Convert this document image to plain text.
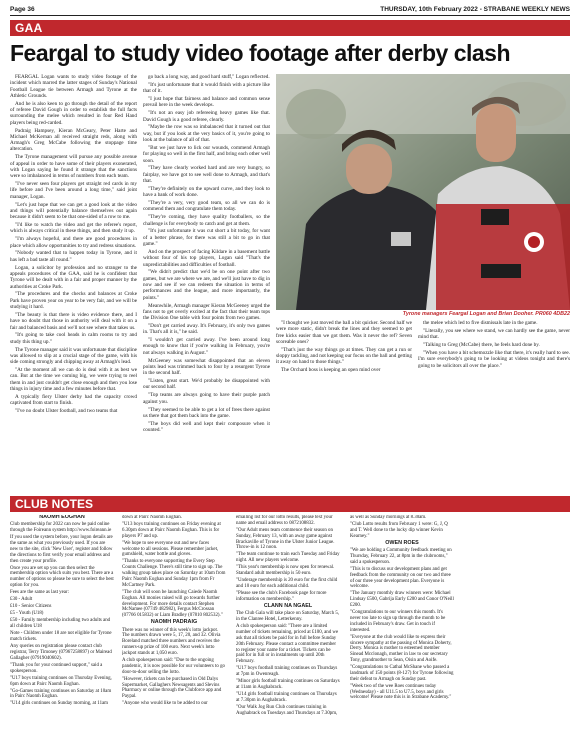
Page 36	THURSDAY, 10th February 2022 - STRABANE WEEKLY NEWS
GAA
Feargal to study video footage after derby clash

FEARGAL Logan wants to study video footage of the incident which marred the latter stages of Sunday's National Football League tie between Armagh and Tyrone at the Athletic Grounds.

And he is also keen to go through the detail of the report of referee David Gough in order to establish the full facts surrounding the melee which resulted in four Red Hand players being red-carded.

Padraig Hampsey, Kieran McGeary, Peter Harte and Michael McKernan all received straight reds, along with Armagh's Greg McCabe following the stoppage time altercation.

The Tyrone management will pursue any possible avenue of appeal in order to have some of their players exonerated, with Logan saying he found it strange that the sanctions were so imbalanced in terms of numbers from each team.

"I've never seen four players get straight red cards in my life before and I've been around a long time," said joint manager, Logan.

"Let's just hope that we can get a good look at the video and things will potentially balance themselves out again because it didn't seem to be that one-sided of a row to me.

"I'd like to watch the video and get the referee's report, which is always critical in these things, and then study it up.

"I'm always hopeful, and there are good procedures in place which allow opportunities to try and redress situations.

"Nobody wanted that to happen today in Tyrone, and it has left a bad taste all round."

Logan, a solicitor by profession and no stranger to the appeals procedures of the GAA, said he is confident that Tyrone will be dealt with in a fair and proper manner by the authorities at Croke Park.

"The procedures and the checks and balances at Croke Park have proven year on year to be very fair, and we will be studying it hard.

"The beauty is that there is video evidence there, and I have no doubt that those in authority will deal with it on a fair and balanced basis and we'll not see where that takes us.

"It's going to take cool heads in calm rooms to try and study this thing up."

The Tyrone manager said it was unfortunate that discipline was allowed to slip at a crucial stage of the game, with his side coming strongly and chipping away at Armagh's lead.

"At the moment all we can do is deal with it as best we can. But at the time we coming big, we were trying to reel them in and just couldn't get close enough and then you lose things in injury time and a few minutes before that.

A typically fiery Ulster derby had the capacity crowd captivated from start to finish.

"I've no doubt Ulster football, and two teams that

go back a long way, and good hard stuff," Logan reflected.

"It's just unfortunate that it would finish with a picture like that of it.

"I just hope that fairness and balance and common sense prevail here in the week develops.

"It's not an easy job refereeing heavy games like that. David Gough is a good referee, clearly.

"Maybe the row was so imbalanced that it turned out that way, but if you look at the very basics of it, you're going to look at the balance of all of that.

"But we just have to lick our wounds, commend Armagh for playing so well in the first half, and bring each other well soon.

"They have clearly worked hard and are very hungry, so fairplay, we have got to see well done to Armagh, and that's that.

"They're definitely on the upward curve, and they look to have a bank of work done.

"They're a very, very good team, so all we can do is commend them and congratulate them today.

"They're coming, they have quality footballers, so the challenge is for everybody to catch and get at them.

"It's just unfortunate it was cut short a bit today, for want of a better phrase, for there was still a bit to go in that game."

And on the prospect of facing Kildare in a basement battle without four of his top players, Logan said "That's the unpredictabilities and difficulties of football.

"We didn't predict that we'd be on one point after two games, but we are where we are, and we'll just have to dig in now and see if we can redeem the situation in terms of performances and the league, and more importantly, the points."

Meanwhile, Armagh manager Kieran McGeeney urged the fans not to get overly excited at the fact that their team tops the Division One table with four points from two games.

"Don't get carried away. It's February, it's only two games in. That's all it is," he said.

"I wouldn't get carried away. I've been around long enough to know that if you're walking in February, you're not always walking in August."

McGeeney was somewhat disappointed that an eleven points lead was trimmed back to four by a resurgent Tyrone in the second half.

"Listen, great start. We'd probably be disappointed with our second half.

"Top teams are always going to have their purple patch against you.

"They seemed to be able to get a lot of frees there against us there that got them back into the game.

"The boys did well and kept their composure when it counted."

Tyrone managers Feargal Logan and Brian Dooher. PR060 4DB22

"I thought we just moved the ball a bit quicker. Second half we were more static, didn't break the lines and they seemed to get free kicks easier than we got them. Was it never the ref? Seven scoreable ones?

"That's just the way things go at times. They can get a run or sloppy tackling, and not keeping our focus on the ball and getting it away on hand to those things."

The Orchard boss is keeping an open mind over

the melee which led to five dismissals late in the game.

"Literally, you see where we stand, we can hardly see the game, never mind that.

"Talking to Greg (McCabe) there, he feels hard done by.

"When you have a bit schemozzle like that there, it's really hard to see. I'm sure everybody's going to be looking at videos tonight and there's going to be solicitors all over the place."

CLUB NOTES
NAOMH EOGHAN

Club membership for 2022 can now be paid online through the Foireann system http://www.foireann.ie

If you used the system before, your logon details are the same as what you previously used. If you are new to the site, click 'New User', register and follow the directions to first verify your email address and then create your profile.

Once you are set up you can then select the membership option which suits you best. There are a number of options so please be sure to select the best option for you.

Fees are the same as last year:

£30 - Adult

£10 - Senior Citizens

£5 - Youth (U18)

£50 - Family membership including two adults and all children U18

Note - Children under 18 are not eligible for Tyrone match tickets.

Any queries on registration please contact club registrar, Terry Timoney (07967258897) or Mairead Gallagher (07919040602).

"Thank you for your continued support," said a spokesperson.

"U17 boys training continues on Thursday Evening, 6pm down at Pairc Naomh Eoghan.

"Go-Games training continues on Saturday at 10am in Pairc Naomh Eoghan.

"U14 girls continues on Sunday morning, at 11am

down at Pairc Naomh Eoghan.

"U13 boys training continues on Friday evening at 6.30pm down at Pairc Naomh Eoghan. This is for players P7 and up.

"We hope to see everyone out and new faces welcome to all sessions. Please remember jacket, gumshield, water bottle and gloves.

"Thanks to everyone supporting the Every Step Counts Challenge. There's still time to sign up. The walking group takes place on Saturday at 10am from Pairc Naomh Eoghan and Sunday 1pm from Fr McCartney Park.

"The club will soon be launching Caiede Naomh Eoghan. All monies raised will go towards further development. For more details contact Stephen McNamee (07749 482982), Fergus McCrossan (07766 015832) or Liam Bradley (07810 802532)."

NAOMH PADRAIG

There was no winner of this week's lotto jackpot. The numbers drawn were 5, 17, 20, and 32. Olivia Boreland matched three numbers and receives the runners-up prize of 100 euro. Next week's lotto jackpot stands at 1,050 euro.

A club spokesperson said: "Due to the ongoing pandemic, it is now possible for our volunteers to go door-to-door selling the lotto.

"However, tickets can be purchased in Old Dalys Supermarket, Gallaghers Newsagents and Slevins Pharmacy or online through the Clubforce app and Paypal.

"Anyone who would like to be added to our

emailing list for our lotto results, please text your name and email address to 0872108832.

"Our Adult mens team commence their season on Sunday, February 13, with an away game against Brackaville of Tyrone in the Ulster Junior League. Throw-in is 12 noon.

"The team continue to train each Tuesday and Friday night. All new players welcome.

"This year's membership is now open for renewal. Standard adult membership is 50 euro.

"Underage membership is 20 euro for the first child and 10 euro for each additional child.

"Please see the club's Facebook page for more information on membership."

CLANN NA NGAEL

The Club Gala will take place on Saturday, March 5, in the Clanree Hotel, Letterkenny.

A club spokesperson said: "There are a limited number of tickets remaining, priced at £100, and we ask that all tickets be paid for in full before Sunday 20th February. Please contact a committee member to register your name for a ticket. Tickets can be paid for in full or in instalments up until 20th February.

"U17 boys football training continues on Thursdays at 7pm in Owenreagh.

"Minor girls football training continues on Saturdays at 11am in Aughabrack.

"U14 girls football training continues on Thursdays at 7.30pm in Aughabrack.

"Our Walk Jog Run Club continues training in Aughabrack on Tuesdays and Thursdays at 7.30pm,

as well as Sunday mornings at 8.30am.

"Club Lotto results from February 1 were: G, J, Q and T. Well done to the lucky dip winner Kevin Kearney."

OWEN ROES

"We are holding a Community feedback meeting on Thursday, February 22, at 8pm in the clubrooms," said a spokesperson.

"This is to discuss our development plans and get feedback from the community on our two and three of our three year development plan. Everyone is welcome.

"The January monthly draw winners were: Michael Lindsay £500, Gabrija Early £200 and Conor O'Neill £200.

"Congratulations to our winners this month. It's never too late to sign up through the month to be included in February's draw. Get in touch if interested.

"Everyone at the club would like to express their sincere sympathy at the passing of Monica Doherty, Derry. Monica is mother to esteemed member Sinead Mcclonagh, mother in law to our secretary Tony, grandmother to Sean, Oisin and Aoife.

"Congratulations to Cathal McShane who passed a landmark of 150 points (8-127) for Tyrone following their defeat to Armagh on Sunday past.

"Week two of the wee Roes continues today (Wednesday) - all U11.5 to U7.5, boys and girls welcome! Please note this is in Strabane Academy."
